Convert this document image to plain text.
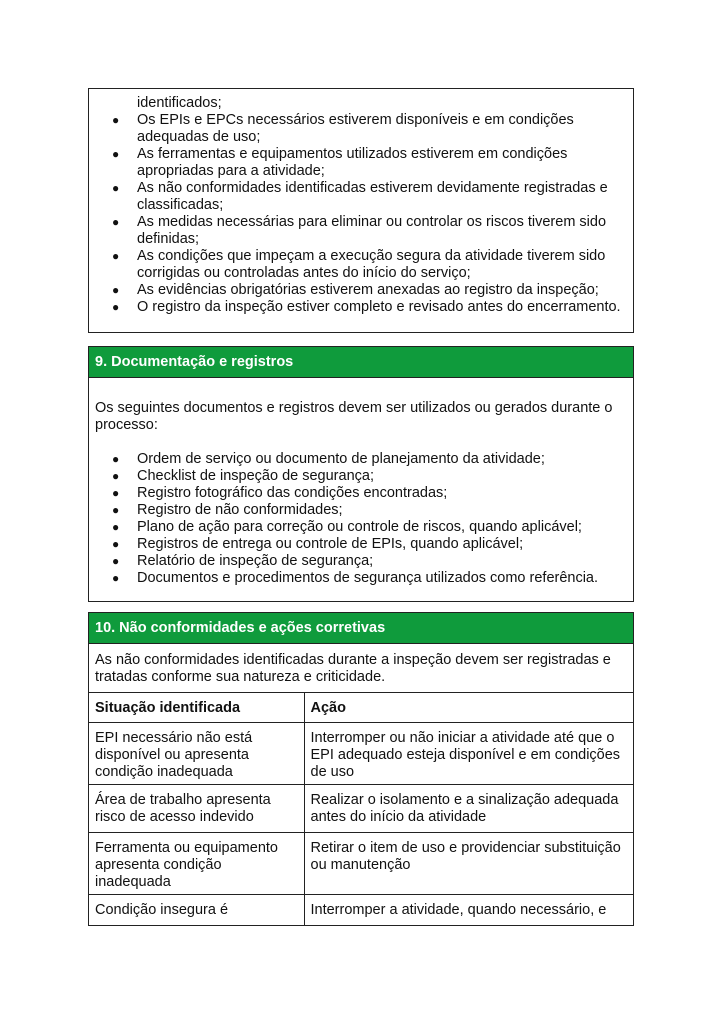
identificados;
● Os EPIs e EPCs necessários estiverem disponíveis e em condições adequadas de uso;
● As ferramentas e equipamentos utilizados estiverem em condições apropriadas para a atividade;
● As não conformidades identificadas estiverem devidamente registradas e classificadas;
● As medidas necessárias para eliminar ou controlar os riscos tiverem sido definidas;
● As condições que impeçam a execução segura da atividade tiverem sido corrigidas ou controladas antes do início do serviço;
● As evidências obrigatórias estiverem anexadas ao registro da inspeção;
● O registro da inspeção estiver completo e revisado antes do encerramento.
9. Documentação e registros
Os seguintes documentos e registros devem ser utilizados ou gerados durante o processo:
● Ordem de serviço ou documento de planejamento da atividade;
● Checklist de inspeção de segurança;
● Registro fotográfico das condições encontradas;
● Registro de não conformidades;
● Plano de ação para correção ou controle de riscos, quando aplicável;
● Registros de entrega ou controle de EPIs, quando aplicável;
● Relatório de inspeção de segurança;
● Documentos e procedimentos de segurança utilizados como referência.
10. Não conformidades e ações corretivas
As não conformidades identificadas durante a inspeção devem ser registradas e tratadas conforme sua natureza e criticidade.
Situação identificada	Ação
EPI necessário não está disponível ou apresenta condição inadequada	Interromper ou não iniciar a atividade até que o EPI adequado esteja disponível e em condições de uso
Área de trabalho apresenta risco de acesso indevido	Realizar o isolamento e a sinalização adequada antes do início da atividade
Ferramenta ou equipamento apresenta condição inadequada	Retirar o item de uso e providenciar substituição ou manutenção
Condição insegura é	Interromper a atividade, quando necessário, e
